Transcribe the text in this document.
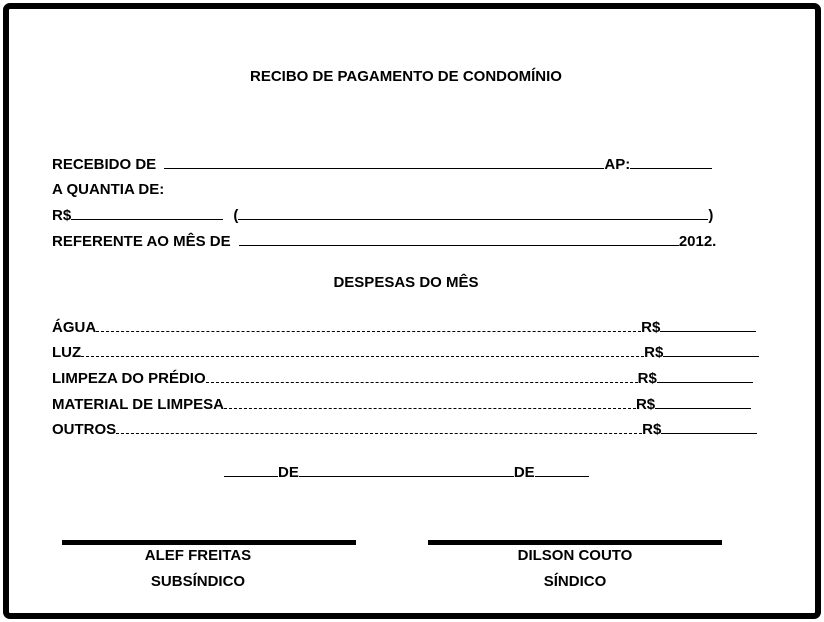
RECIBO DE PAGAMENTO DE CONDOMÍNIO
RECEBIDO DE	AP:
A QUANTIA DE:
R$	(	)
REFERENTE AO MÊS DE	2012.
DESPESAS DO MÊS
ÁGUA	R$
LUZ	R$
LIMPEZA DO PRÉDIO	R$
MATERIAL DE LIMPESA	R$
OUTROS	R$
DE	DE
ALEF FREITAS
SUBSÍNDICO
DILSON COUTO
SÍNDICO
